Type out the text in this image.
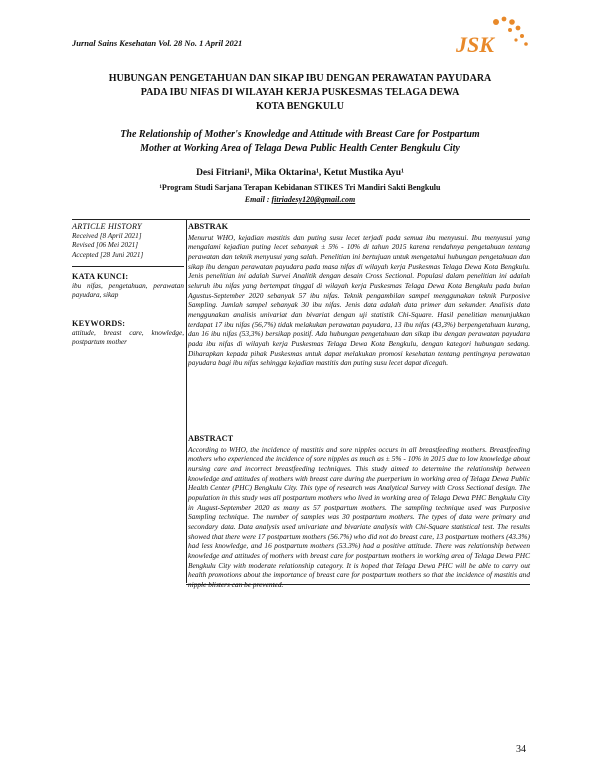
Jurnal Sains Kesehatan Vol. 28 No. 1 April 2021	JSK
HUBUNGAN PENGETAHUAN DAN SIKAP IBU DENGAN PERAWATAN PAYUDARA
PADA IBU NIFAS DI WILAYAH KERJA PUSKESMAS TELAGA DEWA
KOTA BENGKULU
The Relationship of Mother's Knowledge and Attitude with Breast Care for Postpartum
Mother at Working Area of Telaga Dewa Public Health Center Bengkulu City
Desi Fitriani¹, Mika Oktarina¹, Ketut Mustika Ayu¹
¹Program Studi Sarjana Terapan Kebidanan STIKES Tri Mandiri Sakti Bengkulu
Email : fitriadesy120@gmail.com
ARTICLE HISTORY

Received [8 April 2021]

Revised [06 Mei 2021]

Accepted [28 Juni 2021]

KATA KUNCI:

ibu nifas, pengetahuan, perawatan payudara, sikap

KEYWORDS:

attitude, breast care, knowledge, postpartum mother

ABSTRAK

Menurut WHO, kejadian mastitis dan puting susu lecet terjadi pada semua ibu menyusui. Ibu menyusui yang mengalami kejadian puting lecet sebanyak ± 5% - 10% di tahun 2015 karena rendahnya pengetahuan tentang perawatan dan teknik menyusui yang salah. Penelitian ini bertujuan untuk mengetahui hubungan pengetahuan dan sikap ibu dengan perawatan payudara pada masa nifas di wilayah kerja Puskesmas Telaga Dewa Kota Bengkulu. Jenis penelitian ini adalah Survei Analitik dengan desain Cross Sectional. Populasi dalam penelitian ini adalah seluruh ibu nifas yang bertempat tinggal di wilayah kerja Puskesmas Telaga Dewa Kota Bengkulu pada bulan Agustus-September 2020 sebanyak 57 ibu nifas. Teknik pengambilan sampel menggunakan teknik Purposive Sampling. Jumlah sampel sebanyak 30 ibu nifas. Jenis data adalah data primer dan sekunder. Analisis data menggunakan analisis univariat dan bivariat dengan uji statistik Chi-Square. Hasil penelitian menunjukkan terdapat 17 ibu nifas (56,7%) tidak melakukan perawatan payudara, 13 ibu nifas (43,3%) berpengetahuan kurang, dan 16 ibu nifas (53,3%) bersikap positif. Ada hubungan pengetahuan dan sikap ibu dengan perawatan payudara pada ibu nifas di wilayah kerja Puskesmas Telaga Dewa Kota Bengkulu, dengan kategori hubungan sedang. Diharapkan kepada pihak Puskesmas untuk dapat melakukan promosi kesehatan tentang pentingnya perawatan payudara bagi ibu nifas sehingga kejadian mastitis dan puting susu lecet dapat dicegah.

ABSTRACT

According to WHO, the incidence of mastitis and sore nipples occurs in all breastfeeding mothers. Breastfeeding mothers who experienced the incidence of sore nipples as much as ± 5% - 10% in 2015 due to low knowledge about nursing care and incorrect breastfeeding techniques. This study aimed to determine the relationship between knowledge and attitudes of mothers with breast care during the puerperium in working area of Telaga Dewa Public Health Center (PHC) Bengkulu City. This type of research was Analytical Survey with Cross Sectional design. The population in this study was all postpartum mothers who lived in working area of Telaga Dewa PHC Bengkulu City in August-September 2020 as many as 57 postpartum mothers. The sampling technique used was Purposive Sampling technique. The number of samples was 30 postpartum mothers. The types of data were primary and secondary data. Data analysis used univariate and bivariate analysis with Chi-Square statistical test. The results showed that there were 17 postpartum mothers (56.7%) who did not do breast care, 13 postpartum mothers (43.3%) had less knowledge, and 16 postpartum mothers (53.3%) had a positive attitude. There was relationship between knowledge and attitudes of mothers with breast care for postpartum mothers in working area of Telaga Dewa PHC Bengkulu City with moderate relationship category. It is hoped that Telaga Dewa PHC will be able to carry out health promotions about the importance of breast care for postpartum mothers so that the incidence of mastitis and

34
